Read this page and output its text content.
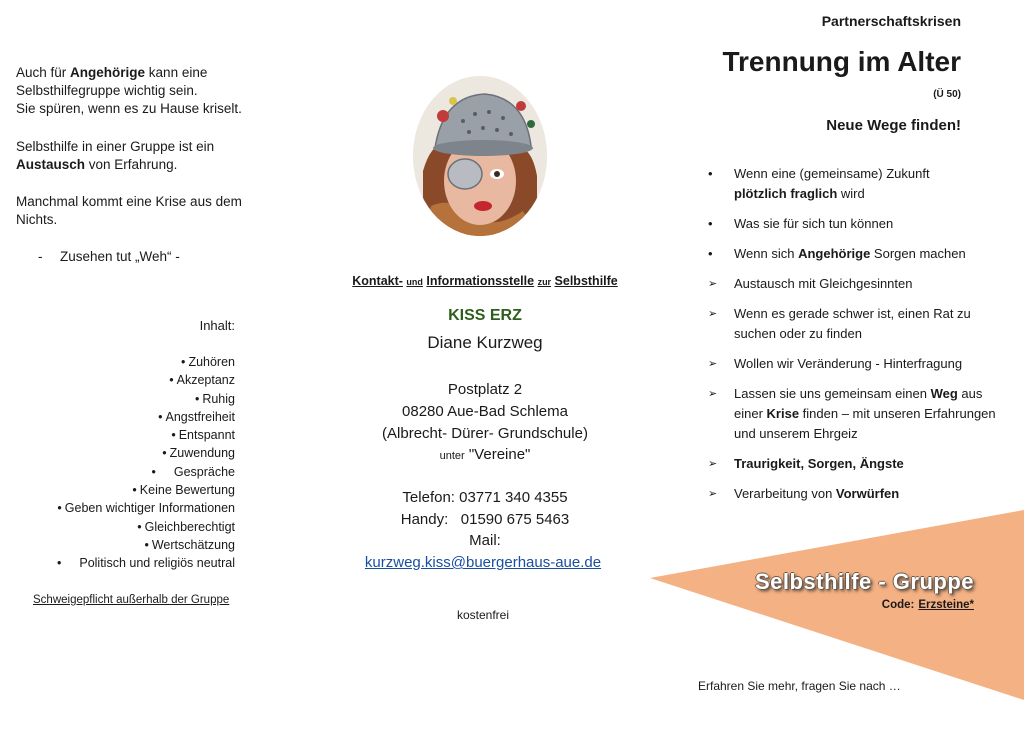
Auch für Angehörige kann eine
Selbsthilfegruppe wichtig sein.
Sie spüren, wenn es zu Hause kriselt.
Selbsthilfe in einer Gruppe ist ein
Austausch von Erfahrung.
Manchmal kommt eine Krise aus dem
Nichts.
- Zusehen tut „Weh“ -
Inhalt:
• Zuhören
• Akzeptanz
• Ruhig
• Angstfreiheit
• Entspannt
• Zuwendung
• Gespräche
• Keine Bewertung
• Geben wichtiger Informationen
• Gleichberechtigt
• Wertschätzung
• Politisch und religiös neutral
Schweigepflicht außerhalb der Gruppe
Kontakt- und Informationsstelle zur Selbsthilfe
KISS ERZ
Diane Kurzweg
Postplatz 2
08280 Aue-Bad Schlema
(Albrecht- Dürer- Grundschule)
unter "Vereine"
Telefon: 03771 340 4355
Handy:   01590 675 5463
Mail:
kurzweg.kiss@buergerhaus-aue.de
kostenfrei
Partnerschaftskrisen
Trennung im Alter
(Ü 50)
Neue Wege finden!
•	Wenn eine (gemeinsame) Zukunft
plötzlich fraglich wird
•	Was sie für sich tun können
•	Wenn sich Angehörige Sorgen machen
➢	Austausch mit Gleichgesinnten
➢	Wenn es gerade schwer ist, einen Rat zu suchen oder zu finden
➢	Wollen wir Veränderung - Hinterfragung
➢	Lassen sie uns gemeinsam einen Weg aus einer Krise finden – mit unseren Erfahrungen und unserem Ehrgeiz
➢	Traurigkeit, Sorgen, Ängste
➢	Verarbeitung von Vorwürfen
Selbsthilfe - Gruppe
Code: Erzsteine*
Erfahren Sie mehr, fragen Sie nach …
